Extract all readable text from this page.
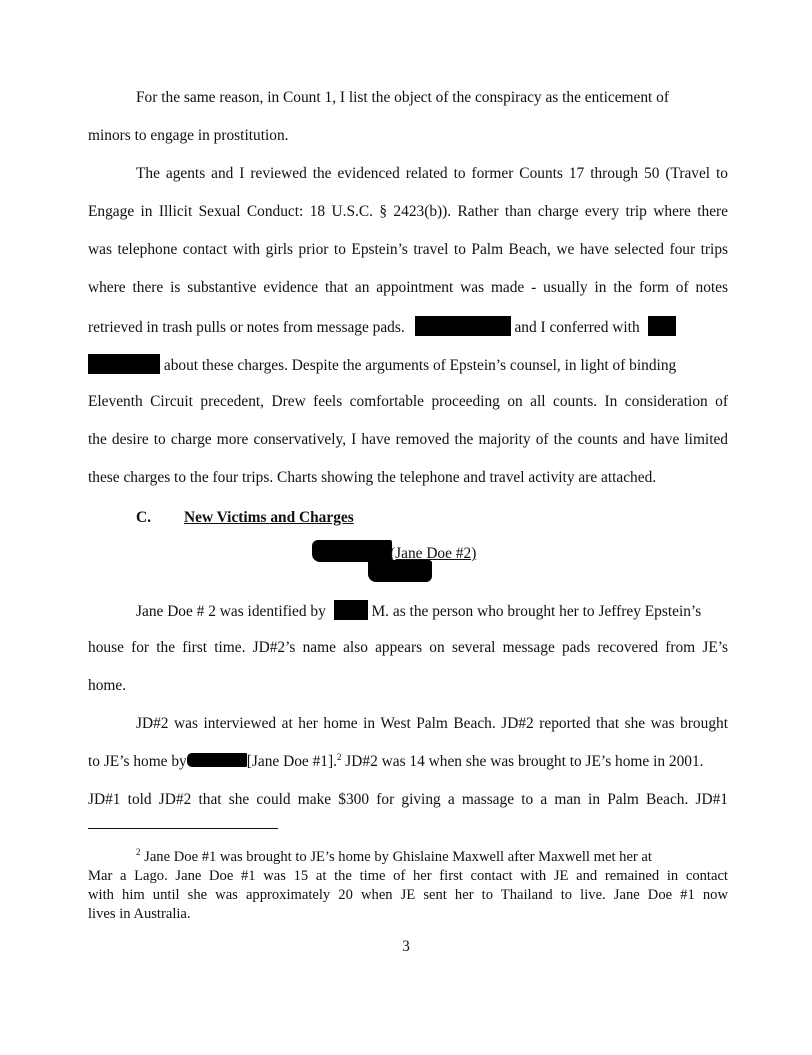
For the same reason, in Count 1, I list the object of the conspiracy as the enticement of
minors to engage in prostitution.
The agents and I reviewed the evidenced related to former Counts 17 through 50 (Travel to
Engage in Illicit Sexual Conduct: 18 U.S.C. § 2423(b)). Rather than charge every trip where there
was telephone contact with girls prior to Epstein’s travel to Palm Beach, we have selected four trips
where there is substantive evidence that an appointment was made - usually in the form of notes
retrieved in trash pulls or notes from message pads.	and I conferred with
about these charges. Despite the arguments of Epstein’s counsel, in light of binding
Eleventh Circuit precedent, Drew feels comfortable proceeding on all counts. In consideration of
the desire to charge more conservatively, I have removed the majority of the counts and have limited
these charges to the four trips. Charts showing the telephone and travel activity are attached.
C.	New Victims and Charges
(Jane Doe #2)
Jane Doe # 2 was identified by	M. as the person who brought her to Jeffrey Epstein’s
house for the first time. JD#2’s name also appears on several message pads recovered from JE’s
home.
JD#2 was interviewed at her home in West Palm Beach. JD#2 reported that she was brought
to JE’s home by	[Jane Doe #1].$^2$ JD#2 was 14 when she was brought to JE’s home in 2001.
JD#1 told JD#2 that she could make $300 for giving a massage to a man in Palm Beach. JD#1
$^2$ Jane Doe #1 was brought to JE’s home by Ghislaine Maxwell after Maxwell met her at
Mar a Lago. Jane Doe #1 was 15 at the time of her first contact with JE and remained in contact
with him until she was approximately 20 when JE sent her to Thailand to live. Jane Doe #1 now
lives in Australia.
3
